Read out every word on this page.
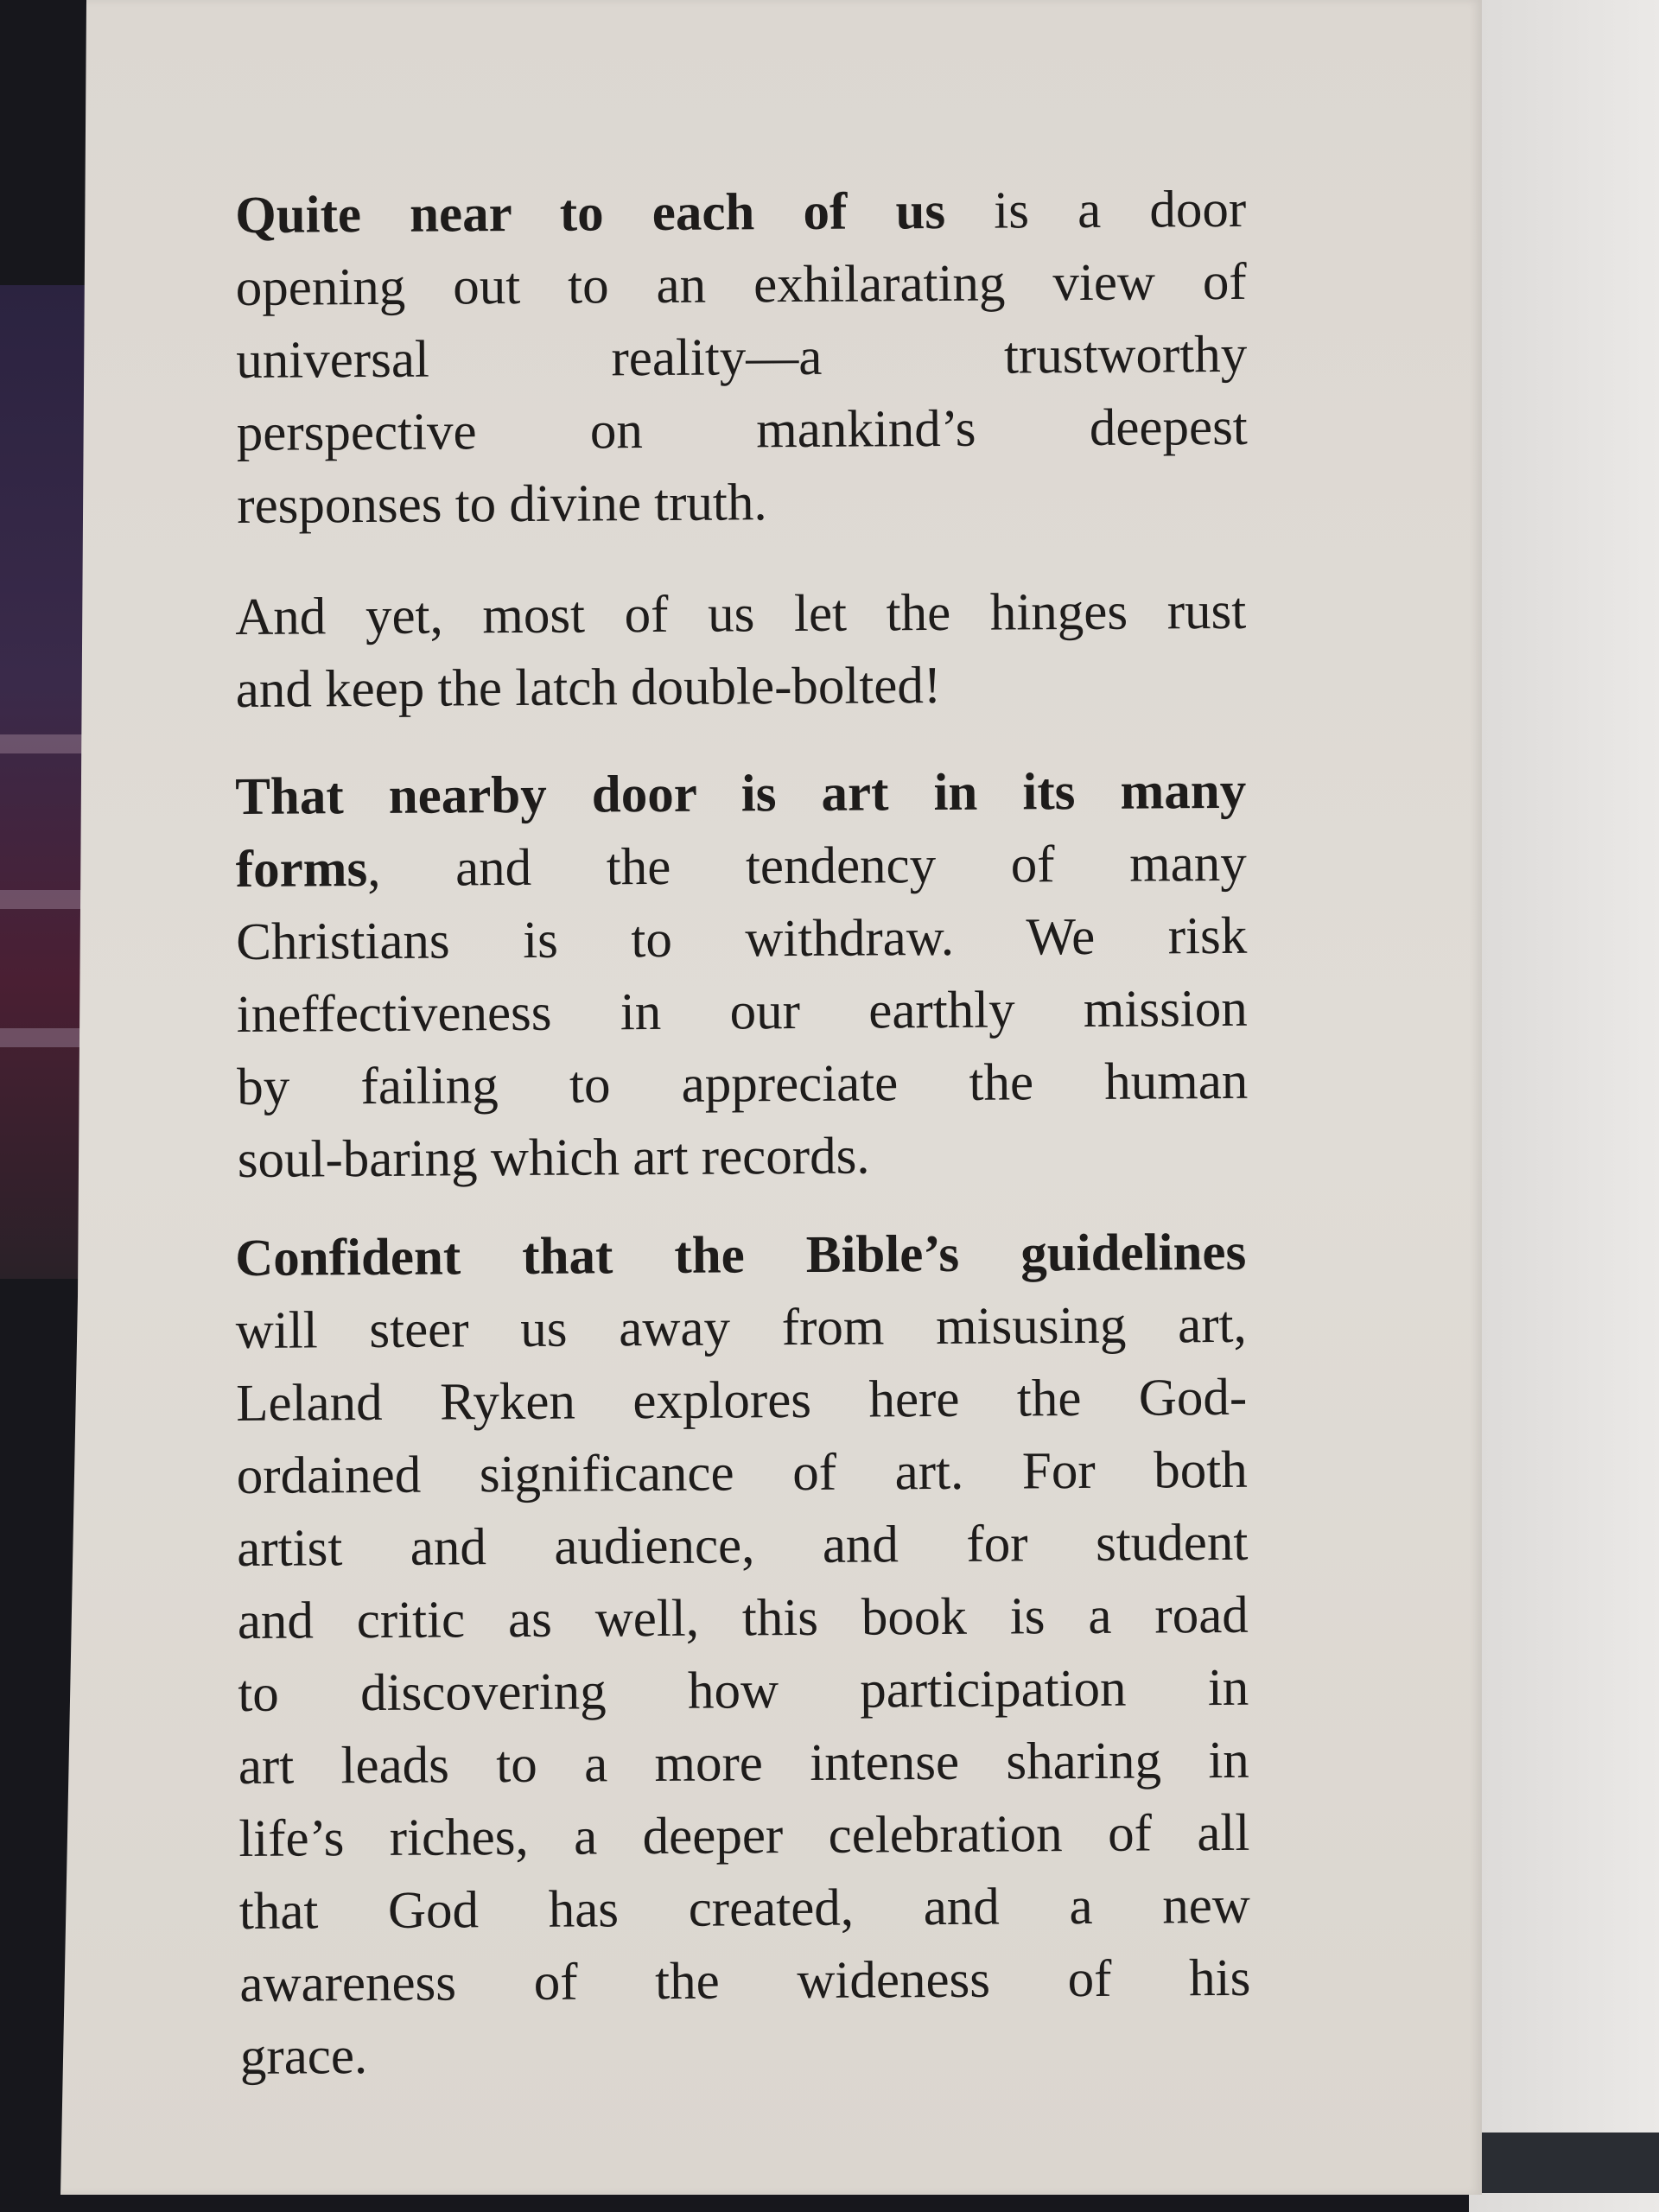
Quite near to each of us is a door
opening out to an exhilarating view of
universal reality—a trustworthy
perspective on mankind’s deepest
responses to divine truth.
And yet, most of us let the hinges rust
and keep the latch double-bolted!
That nearby door is art in its many
forms, and the tendency of many
Christians is to withdraw. We risk
ineffectiveness in our earthly mission
by failing to appreciate the human
soul-baring which art records.
Confident that the Bible’s guidelines
will steer us away from misusing art,
Leland Ryken explores here the God-
ordained significance of art. For both
artist and audience, and for student
and critic as well, this book is a road
to discovering how participation in
art leads to a more intense sharing in
life’s riches, a deeper celebration of all
that God has created, and a new
awareness of the wideness of his
grace.
